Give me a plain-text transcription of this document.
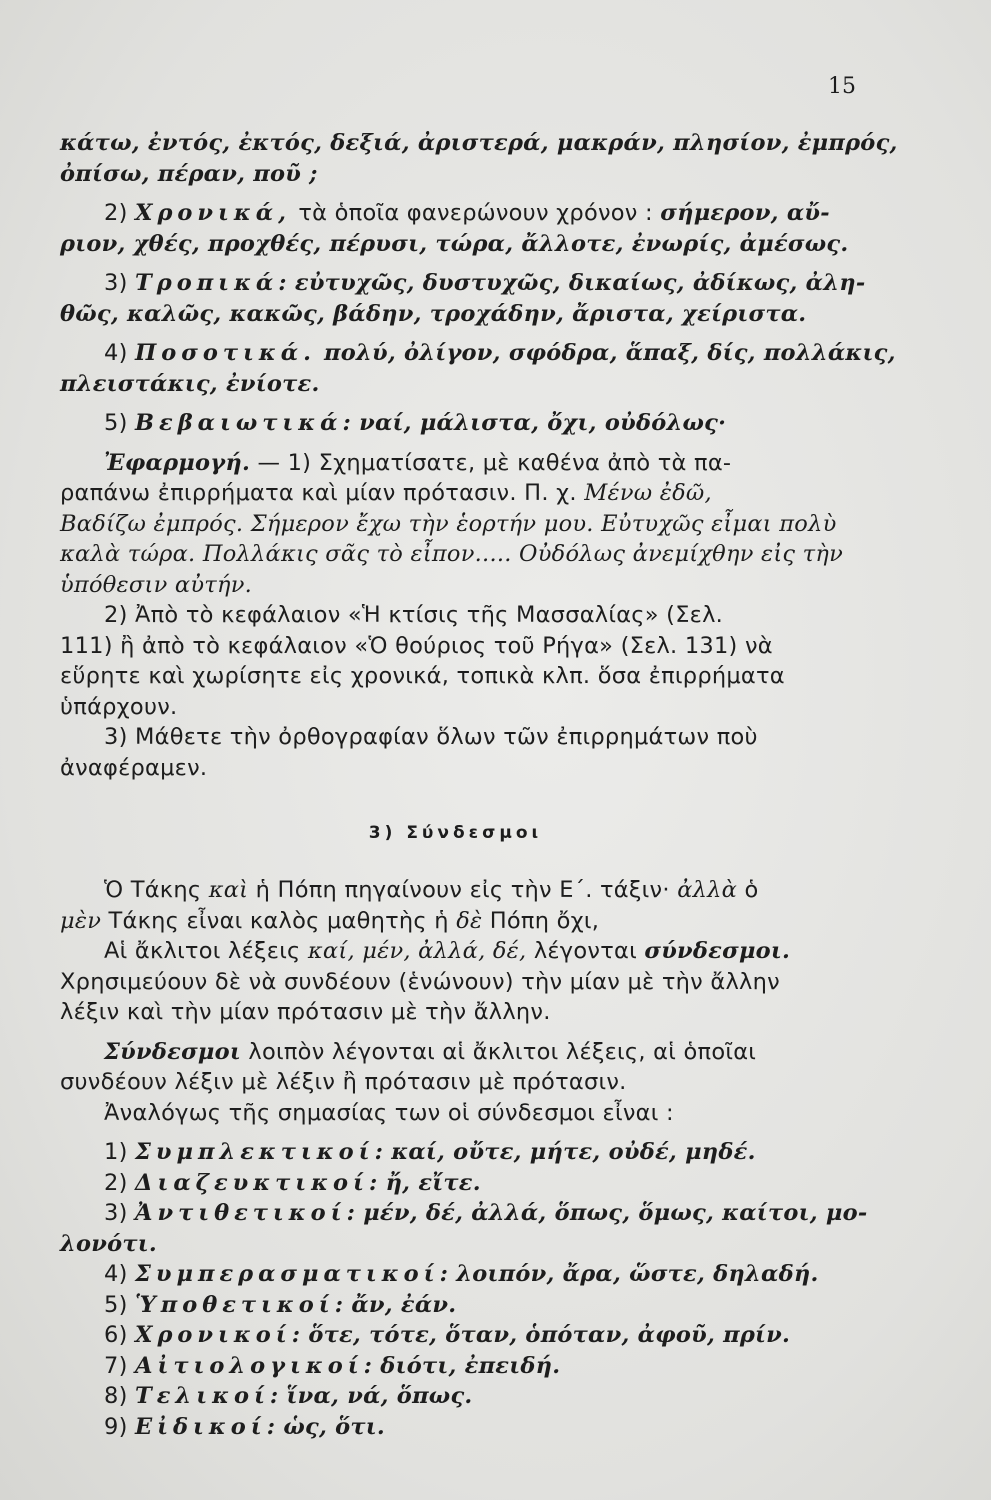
15

κάτω, ἐντός, ἐκτός, δεξιά, ἀριστερά, μακράν, πλησίον, ἐμπρός,

ὀπίσω, πέραν, ποῦ ;

2) Χρονικά, τὰ ὁποῖα φανερώνουν χρόνον : σήμερον, αὔ-

ριον, χθές, προχθές, πέρυσι, τώρα, ἄλλοτε, ἐνωρίς, ἀμέσως.

3) Τροπικά: εὐτυχῶς, δυστυχῶς, δικαίως, ἀδίκως, ἀλη-

θῶς, καλῶς, κακῶς, βάδην, τροχάδην, ἄριστα, χείριστα.

4) Ποσοτικά. πολύ, ὀλίγον, σφόδρα, ἅπαξ, δίς, πολλάκις,

πλειστάκις, ἐνίοτε.

5) Βεβαιωτικά: ναί, μάλιστα, ὄχι, οὐδόλως·

Ἐφαρμογή. — 1) Σχηματίσατε, μὲ καθένα ἀπὸ τὰ πα-

ραπάνω ἐπιρρήματα καὶ μίαν πρότασιν. Π. χ. Μένω ἐδῶ,

Βαδίζω ἐμπρός. Σήμερον ἔχω τὴν ἑορτήν μου. Εὐτυχῶς εἶμαι πολὺ

καλὰ τώρα. Πολλάκις σᾶς τὸ εἶπον..... Οὐδόλως ἀνεμίχθην εἰς τὴν

ὑπόθεσιν αὐτήν.

2) Ἀπὸ τὸ κεφάλαιον «Ἡ κτίσις τῆς Μασσαλίας» (Σελ.

111) ἢ ἀπὸ τὸ κεφάλαιον «Ὁ θούριος τοῦ Ρήγα» (Σελ. 131) νὰ

εὕρητε καὶ χωρίσητε εἰς χρονικά, τοπικὰ κλπ. ὅσα ἐπιρρήματα

ὑπάρχουν.

3) Μάθετε τὴν ὀρθογραφίαν ὅλων τῶν ἐπιρρημάτων ποὺ

ἀναφέραμεν.

3) Σύνδεσμοι

Ὁ Τάκης καὶ ἡ Πόπη πηγαίνουν εἰς τὴν Ε΄. τάξιν· ἀλλὰ ὁ

μὲν Τάκης εἶναι καλὸς μαθητὴς ἡ δὲ Πόπη ὄχι,

Αἱ ἄκλιτοι λέξεις καί, μέν, ἀλλά, δέ, λέγονται σύνδεσμοι.

Χρησιμεύουν δὲ νὰ συνδέουν (ἑνώνουν) τὴν μίαν μὲ τὴν ἄλλην

λέξιν καὶ τὴν μίαν πρότασιν μὲ τὴν ἄλλην.

Σύνδεσμοι λοιπὸν λέγονται αἱ ἄκλιτοι λέξεις, αἱ ὁποῖαι

συνδέουν λέξιν μὲ λέξιν ἢ πρότασιν μὲ πρότασιν.

Ἀναλόγως τῆς σημασίας των οἱ σύνδεσμοι εἶναι :

1) Συμπλεκτικοί: καί, οὔτε, μήτε, οὐδέ, μηδέ.

2) Διαζευκτικοί: ἤ, εἴτε.

3) Ἀντιθετικοί: μέν, δέ, ἀλλά, ὅπως, ὅμως, καίτοι, μο-

λονότι.

4) Συμπερασματικοί: λοιπόν, ἄρα, ὥστε, δηλαδή.

5) Ὑποθετικοί: ἄν, ἐάν.

6) Χρονικοί: ὅτε, τότε, ὅταν, ὁπόταν, ἀφοῦ, πρίν.

7) Αἰτιολογικοί: διότι, ἐπειδή.

8) Τελικοί: ἵνα, νά, ὅπως.

9) Εἰδικοί: ὡς, ὅτι.
